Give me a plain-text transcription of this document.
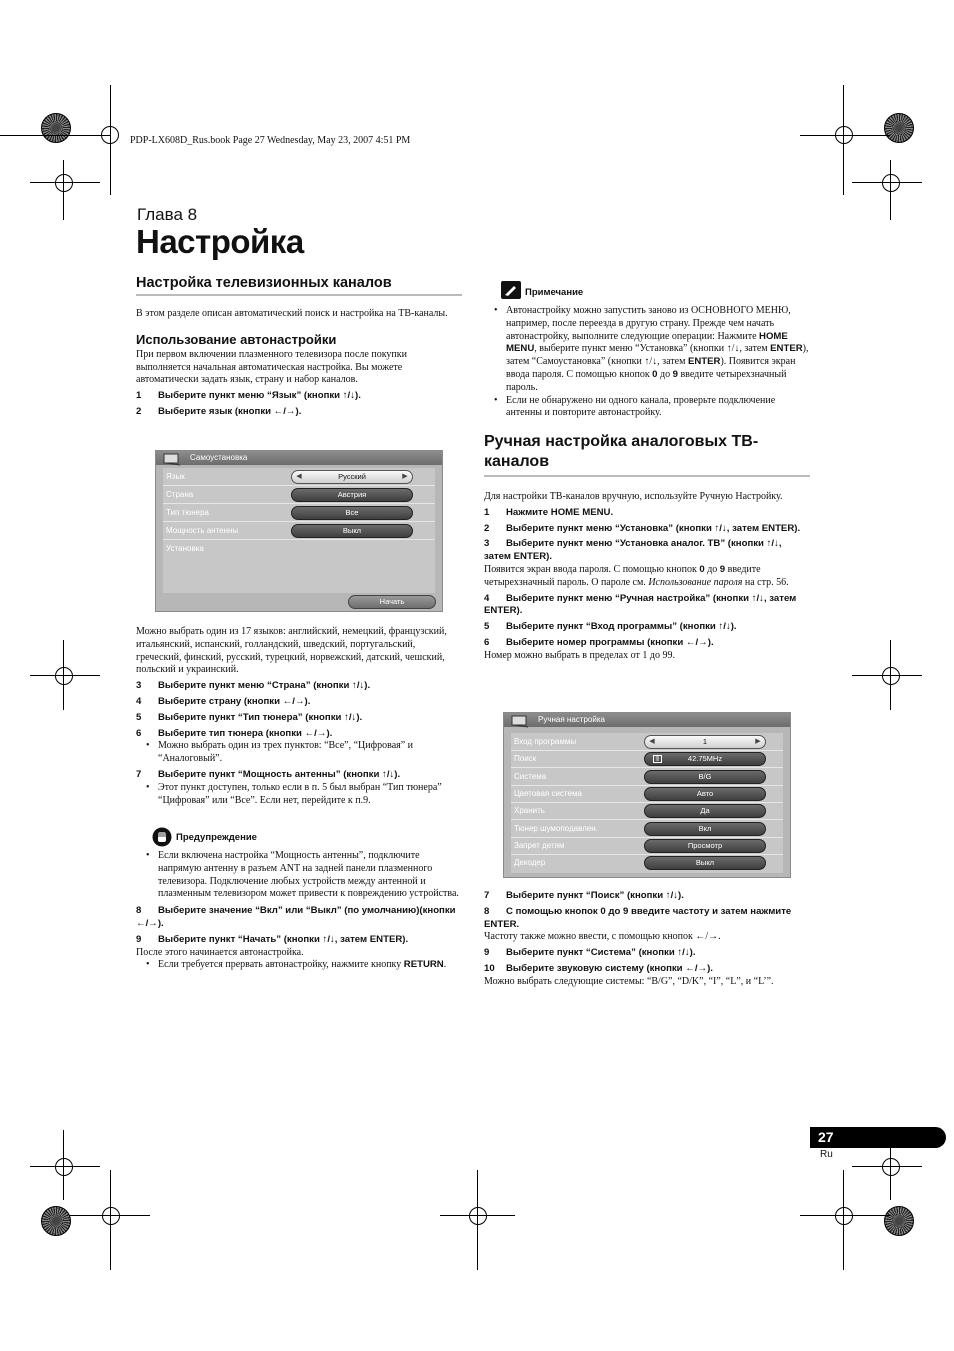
PDP-LX608D_Rus.book Page 27 Wednesday, May 23, 2007 4:51 PM
Глава 8
Настройка
Настройка телевизионных каналов
В этом разделе описан автоматический поиск и настройка на ТВ-каналы.
Использование автонастройки
При первом включении плазменного телевизора после покупки выполняется начальная автоматическая настройка. Вы можете автоматически задать язык, страну и набор каналов.
1 Выберите пункт меню “Язык” (кнопки ↑/↓).
2 Выберите язык (кнопки ←/→).
Самоустановка
Язык	◀	Русский	▶
Страна	Австрия
Тип тюнера	Все
Мощность антенны	Выкл
Установка
Начать
Можно выбрать один из 17 языков: английский, немецкий, французский, итальянский, испанский, голландский, шведский, португальский, греческий, финский, русский, турецкий, норвежский, датский, чешский, польский и украинский.
3 Выберите пункт меню “Страна” (кнопки ↑/↓).
4 Выберите страну (кнопки ←/→).
5 Выберите пункт “Тип тюнера” (кнопки ↑/↓).
6 Выберите тип тюнера (кнопки ←/→).
• Можно выбрать один из трех пунктов: “Все”, “Цифровая” и “Аналоговый”.
7 Выберите пункт “Мощность антенны” (кнопки ↑/↓).
• Этот пункт доступен, только если в п. 5 был выбран “Тип тюнера” “Цифровая” или “Все”. Если нет, перейдите к п.9.
Предупреждение
• Если включена настройка “Мощность антенны”, подключите напрямую антенну в разъем ANT на задней панели плазменного телевизора. Подключение любых устройств между антенной и плазменным телевизором может привести к повреждению устройства.
8 Выберите значение “Вкл” или “Выкл” (по умолчанию)(кнопки ←/→).
9 Выберите пункт “Начать” (кнопки ↑/↓, затем ENTER).
После этого начинается автонастройка.
• Если требуется прервать автонастройку, нажмите кнопку RETURN.
Примечание
• Автонастройку можно запустить заново из ОСНОВНОГО МЕНЮ, например, после переезда в другую страну. Прежде чем начать автонастройку, выполните следующие операции: Нажмите HOME MENU, выберите пункт меню “Установка” (кнопки ↑/↓, затем ENTER), затем “Самоустановка” (кнопки ↑/↓, затем ENTER). Появится экран ввода пароля. С помощью кнопок 0 до 9 введите четырехзначный пароль.
• Если не обнаружено ни одного канала, проверьте подключение антенны и повторите автонастройку.
Ручная настройка аналоговых ТВ-каналов
Для настройки ТВ-каналов вручную, используйте Ручную Настройку.
1 Нажмите HOME MENU.
2 Выберите пункт меню “Установка” (кнопки ↑/↓, затем ENTER).
3 Выберите пункт меню “Установка аналог. ТВ” (кнопки ↑/↓, затем ENTER).
Появится экран ввода пароля. С помощью кнопок 0 до 9 введите четырехзначный пароль. О пароле см. Использование пароля на стр. 56.
4 Выберите пункт меню “Ручная настройка” (кнопки ↑/↓, затем ENTER).
5 Выберите пункт “Вход программы” (кнопки ↑/↓).
6 Выберите номер программы (кнопки ←/→).
Номер можно выбрать в пределах от 1 до 99.
Ручная настройка
Вход программы	◀	1	▶
Поиск	|||	42.75MHz
Система	B/G
Цветовая система	Авто
Хранить	Да
Тюнер шумоподавлен.	Вкл
Запрет детям	Просмотр
Декодер	Выкл
7 Выберите пункт “Поиск” (кнопки ↑/↓).
8 С помощью кнопок 0 до 9 введите частоту и затем нажмите ENTER.
Частоту также можно ввести, с помощью кнопок ←/→.
9 Выберите пункт “Система” (кнопки ↑/↓).
10 Выберите звуковую систему (кнопки ←/→).
Можно выбрать следующие системы: “B/G”, “D/K”, “I”, “L”, и “L’”.
27
Ru
